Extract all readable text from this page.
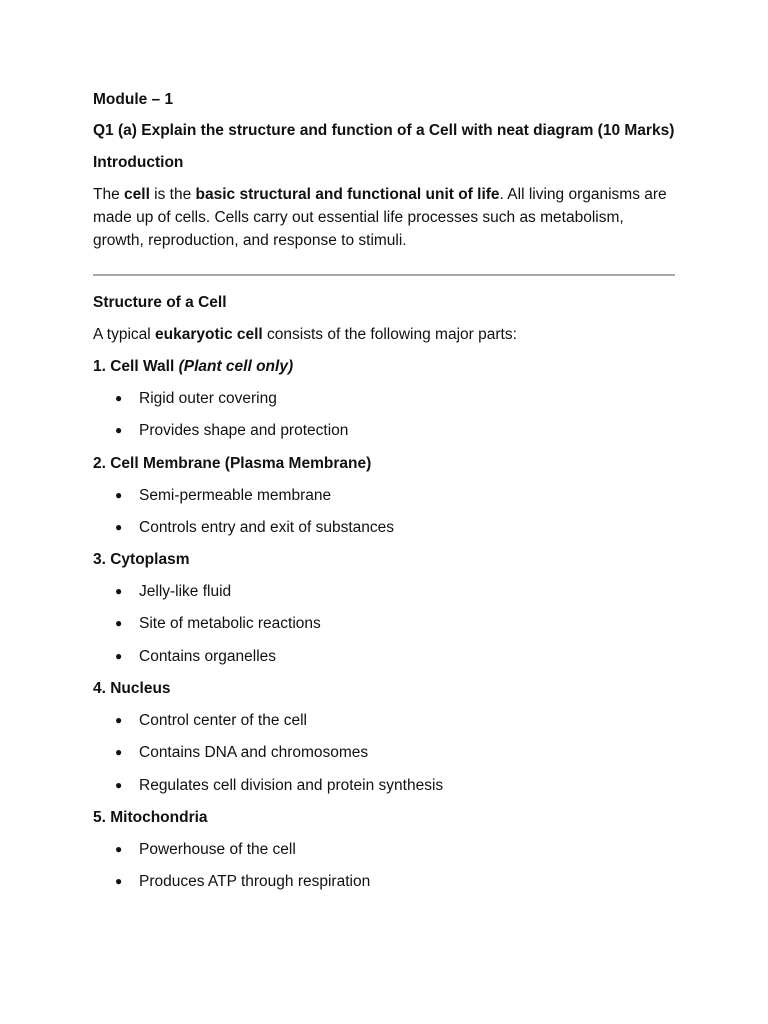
Module – 1

Q1 (a) Explain the structure and function of a Cell with neat diagram (10 Marks)

Introduction

The cell is the basic structural and functional unit of life. All living organisms are made up of cells. Cells carry out essential life processes such as metabolism, growth, reproduction, and response to stimuli.

Structure of a Cell

A typical eukaryotic cell consists of the following major parts:

1. Cell Wall (Plant cell only)

● Rigid outer covering
● Provides shape and protection

2. Cell Membrane (Plasma Membrane)

● Semi-permeable membrane
● Controls entry and exit of substances

3. Cytoplasm

● Jelly-like fluid
● Site of metabolic reactions
● Contains organelles

4. Nucleus

● Control center of the cell
● Contains DNA and chromosomes
● Regulates cell division and protein synthesis

5. Mitochondria

● Powerhouse of the cell
● Produces ATP through respiration
